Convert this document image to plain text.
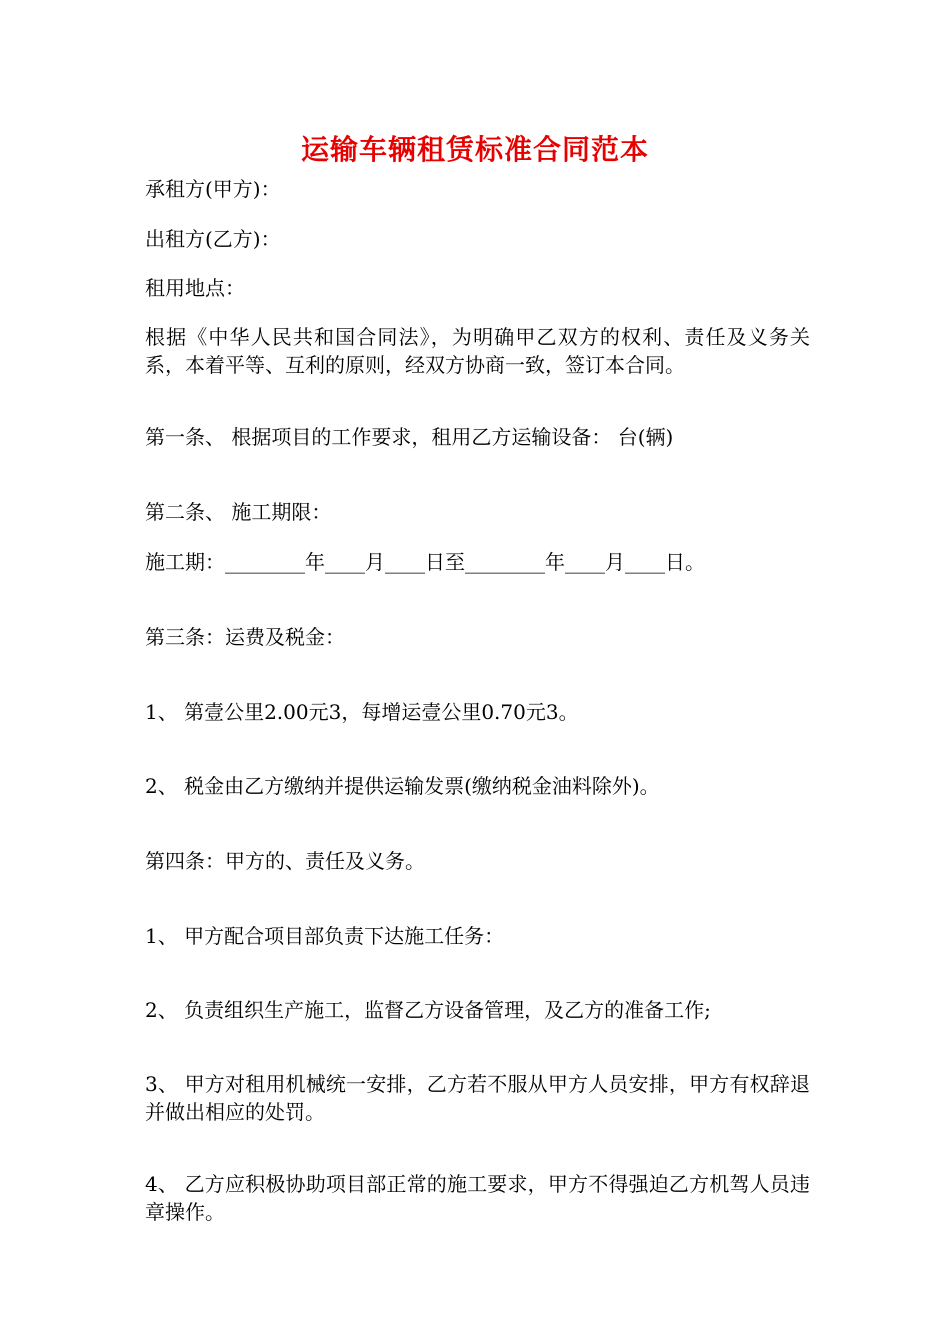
运输车辆租赁标准合同范本
承租方(甲方)：
出租方(乙方)：
租用地点：
根据《中华人民共和国合同法》，为明确甲乙双方的权利、责任及义务关系，本着平等、互利的原则，经双方协商一致，签订本合同。
第一条、 根据项目的工作要求，租用乙方运输设备： 台(辆)
第二条、 施工期限：
施工期：________年____月____日至________年____月____日。
第三条：运费及税金：
1、 第壹公里2.00元3，每增运壹公里0.70元3。
2、 税金由乙方缴纳并提供运输发票(缴纳税金油料除外)。
第四条：甲方的、责任及义务。
1、 甲方配合项目部负责下达施工任务：
2、 负责组织生产施工，监督乙方设备管理，及乙方的准备工作;
3、 甲方对租用机械统一安排，乙方若不服从甲方人员安排，甲方有权辞退并做出相应的处罚。
4、 乙方应积极协助项目部正常的施工要求，甲方不得强迫乙方机驾人员违章操作。
